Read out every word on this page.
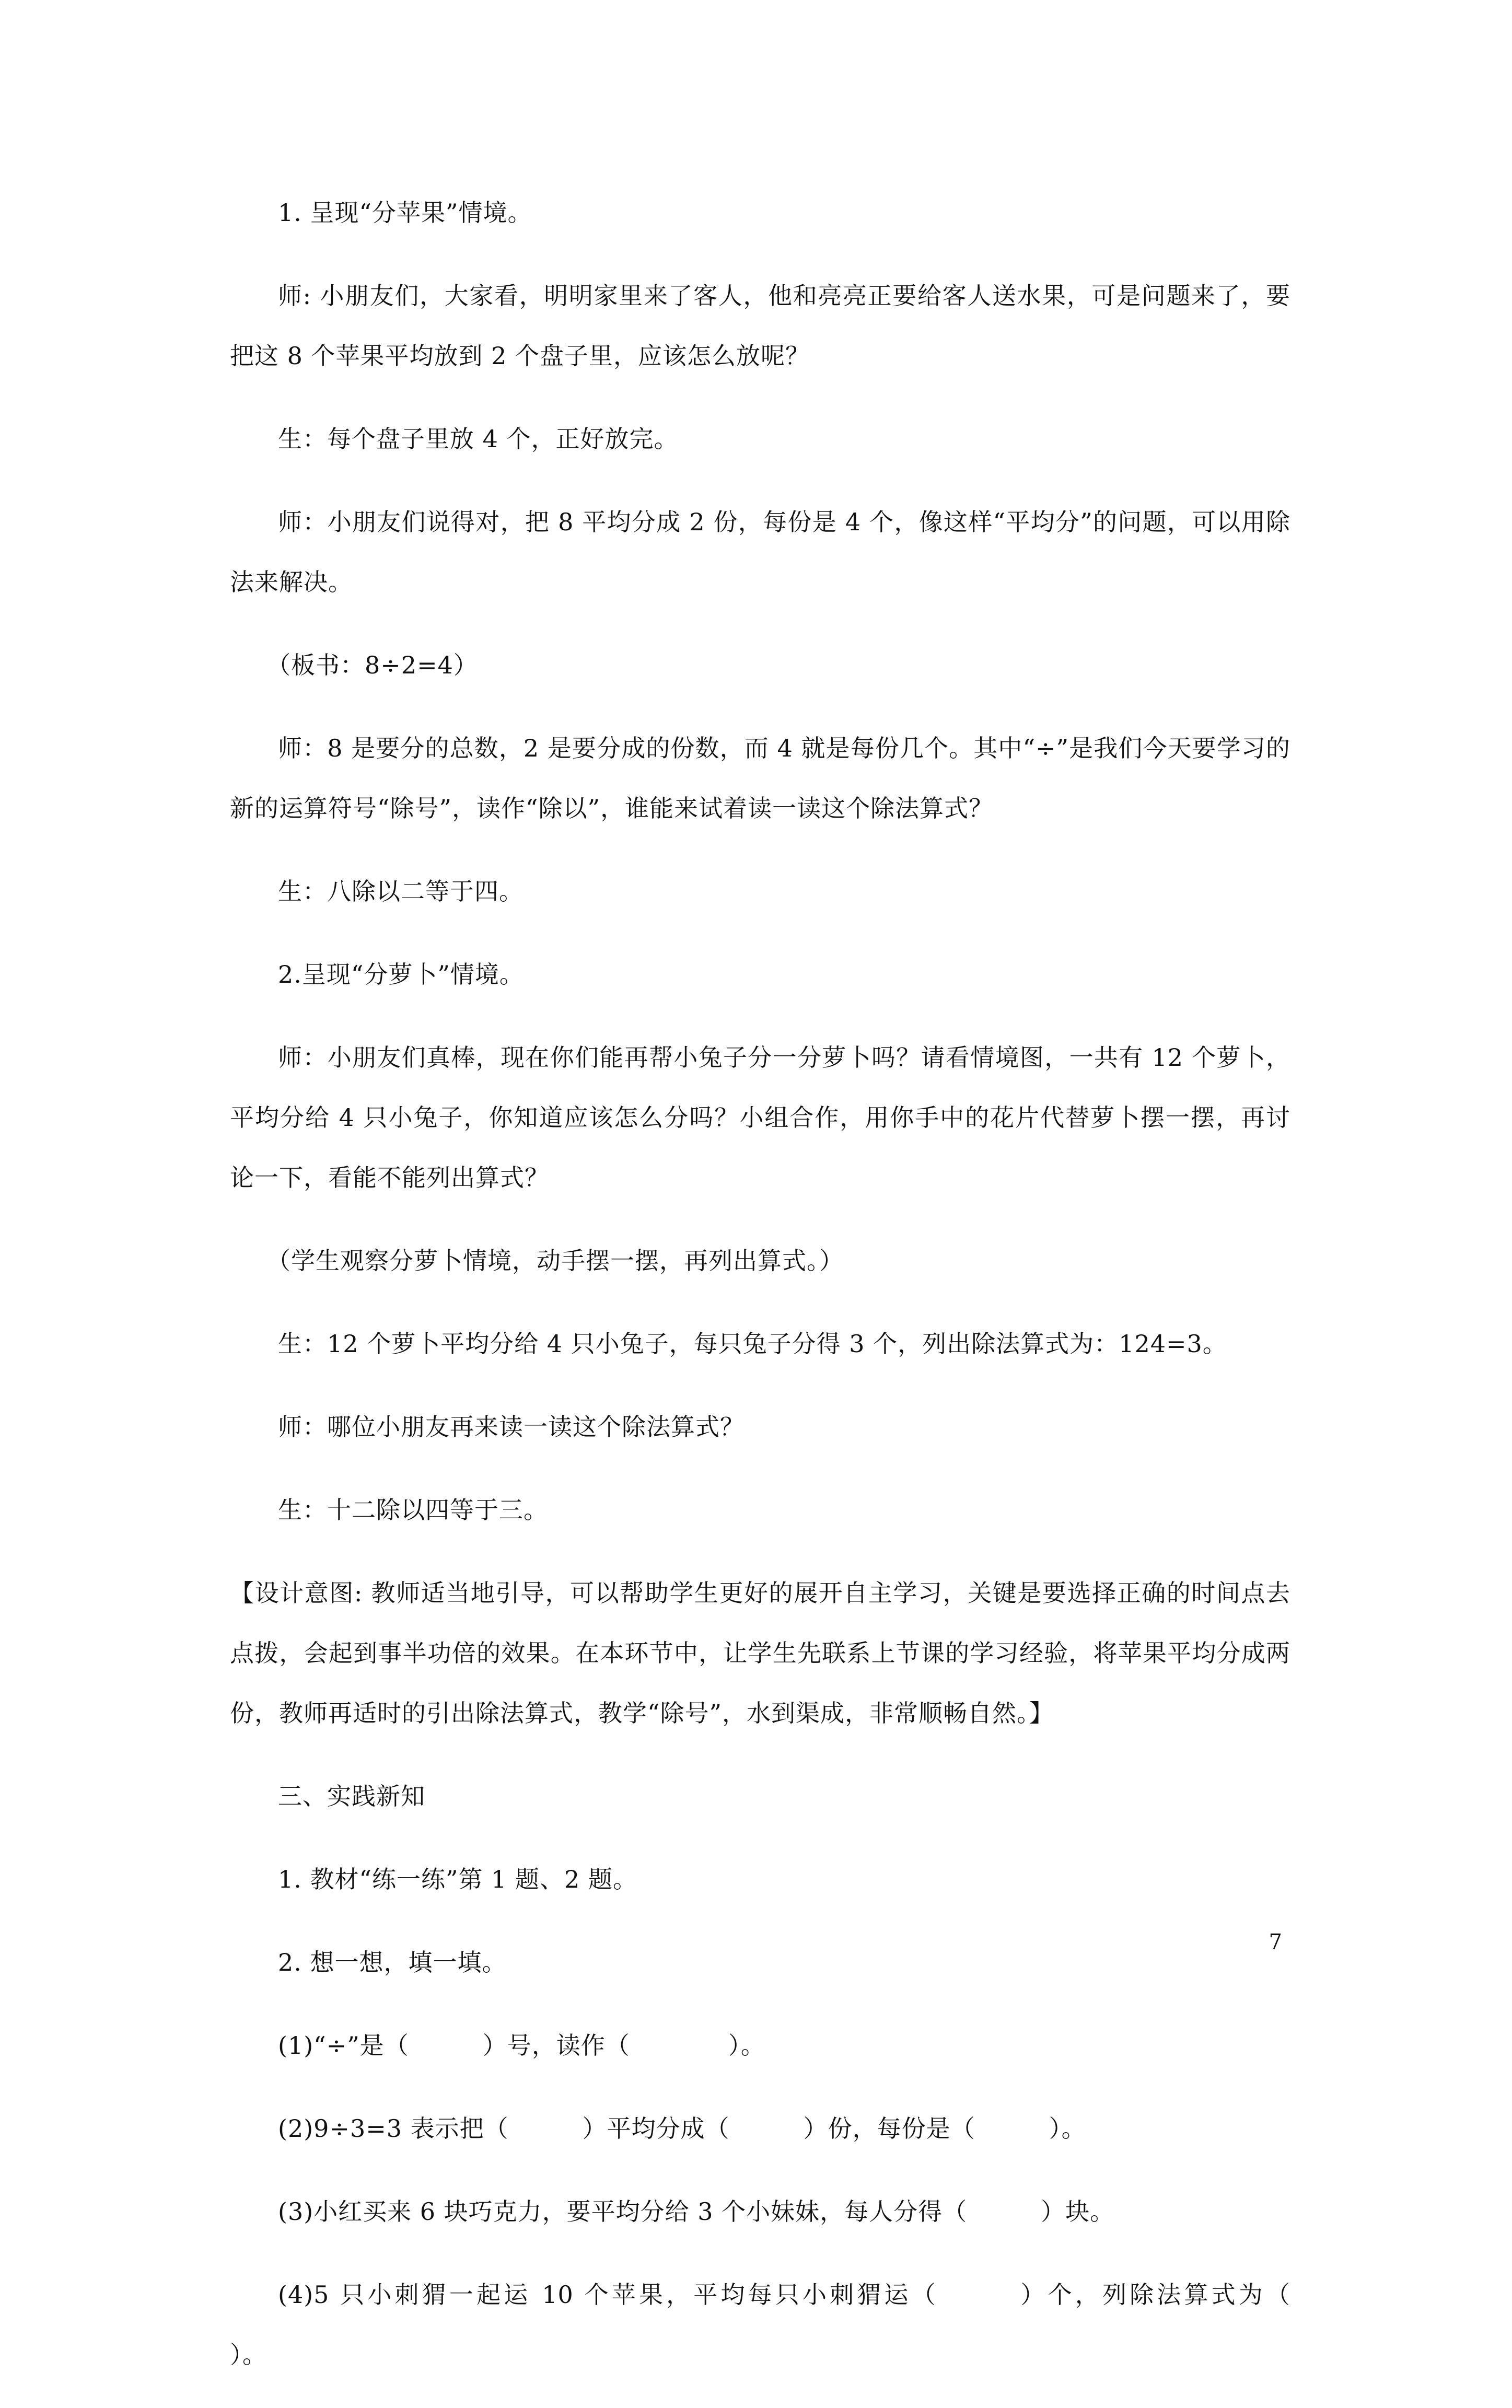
1. 呈现“分苹果”情境。

师: 小朋友们，大家看，明明家里来了客人，他和亮亮正要给客人送水果，可是问题来了，要把这 8 个苹果平均放到 2 个盘子里，应该怎么放呢？

生：每个盘子里放 4 个，正好放完。

师：小朋友们说得对，把 8 平均分成 2 份，每份是 4 个，像这样“平均分”的问题，可以用除法来解决。

（板书：8÷2=4）

师：8 是要分的总数，2 是要分成的份数，而 4 就是每份几个。其中“÷”是我们今天要学习的新的运算符号“除号”，读作“除以”，谁能来试着读一读这个除法算式？

生：八除以二等于四。

2.呈现“分萝卜”情境。

师：小朋友们真棒，现在你们能再帮小兔子分一分萝卜吗？请看情境图，一共有 12 个萝卜，平均分给 4 只小兔子，你知道应该怎么分吗？小组合作，用你手中的花片代替萝卜摆一摆，再讨论一下，看能不能列出算式？

（学生观察分萝卜情境，动手摆一摆，再列出算式。）

生：12 个萝卜平均分给 4 只小兔子，每只兔子分得 3 个，列出除法算式为：124=3。

师：哪位小朋友再来读一读这个除法算式？

生：十二除以四等于三。

【设计意图: 教师适当地引导，可以帮助学生更好的展开自主学习，关键是要选择正确的时间点去点拨，会起到事半功倍的效果。在本环节中，让学生先联系上节课的学习经验，将苹果平均分成两份，教师再适时的引出除法算式，教学“除号”，水到渠成，非常顺畅自然。】

三、实践新知

1. 教材“练一练”第 1 题、2 题。

2. 想一想，填一填。

(1)“÷”是（　　　）号，读作（　　　　）。

(2)9÷3=3 表示把（　　　）平均分成（　　　）份，每份是（　　　）。

(3)小红买来 6 块巧克力，要平均分给 3 个小妹妹，每人分得（　　　）块。

(4)5 只小刺猬一起运 10 个苹果，平均每只小刺猬运（　　　）个，列除法算式为（　　　　　　）。

7
